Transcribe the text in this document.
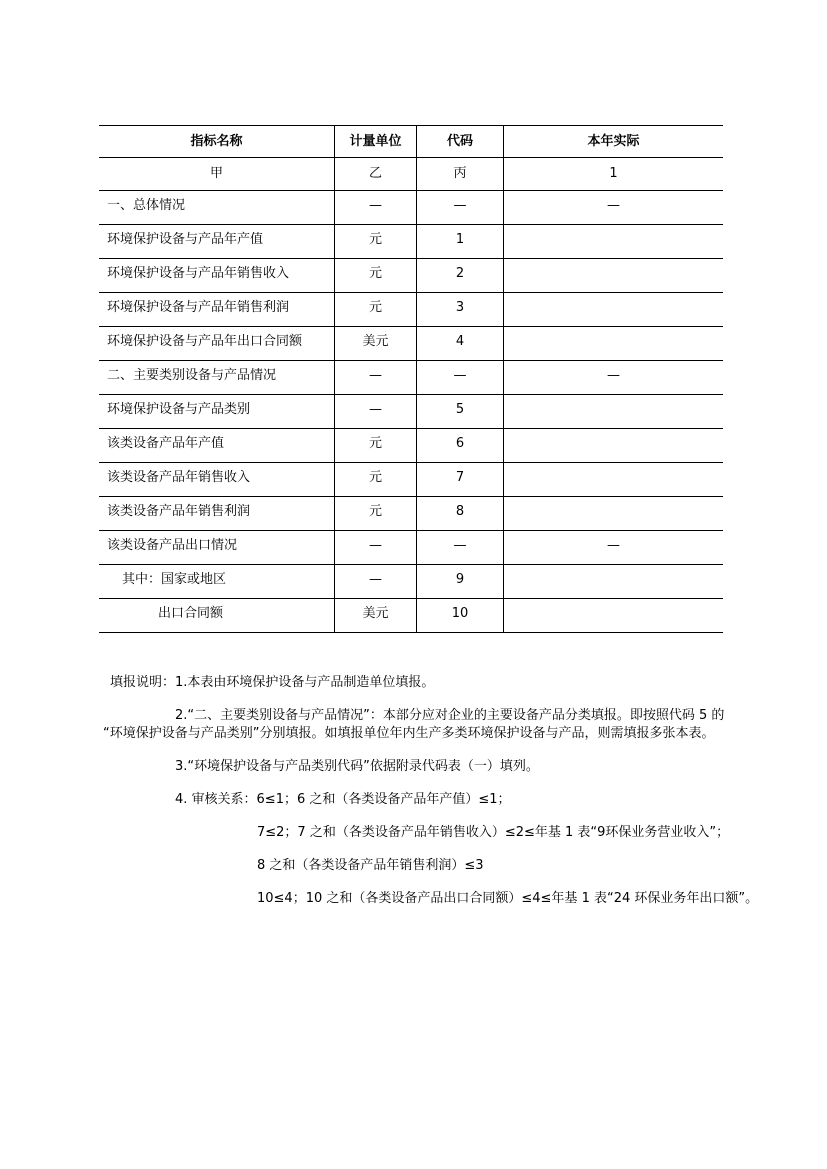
指标名称	计量单位	代码	本年实际
甲	乙	丙	1
一、总体情况	—	—	—
环境保护设备与产品年产值	元	1	
环境保护设备与产品年销售收入	元	2	
环境保护设备与产品年销售利润	元	3	
环境保护设备与产品年出口合同额	美元	4	
二、主要类别设备与产品情况	—	—	—
环境保护设备与产品类别	—	5	
该类设备产品年产值	元	6	
该类设备产品年销售收入	元	7	
该类设备产品年销售利润	元	8	
该类设备产品出口情况	—	—	—
其中：国家或地区	—	9	
出口合同额	美元	10	
填报说明：1.本表由环境保护设备与产品制造单位填报。
2.“二、主要类别设备与产品情况”：本部分应对企业的主要设备产品分类填报。即按照代码 5 的
“环境保护设备与产品类别”分别填报。如填报单位年内生产多类环境保护设备与产品，则需填报多张本表。
3.“环境保护设备与产品类别代码”依据附录代码表（一）填列。
4. 审核关系：6≤1；6 之和（各类设备产品年产值）≤1；
7≤2；7 之和（各类设备产品年销售收入）≤2≤年基 1 表“9环保业务营业收入”；
8 之和（各类设备产品年销售利润）≤3
10≤4；10 之和（各类设备产品出口合同额）≤4≤年基 1 表“24 环保业务年出口额”。
